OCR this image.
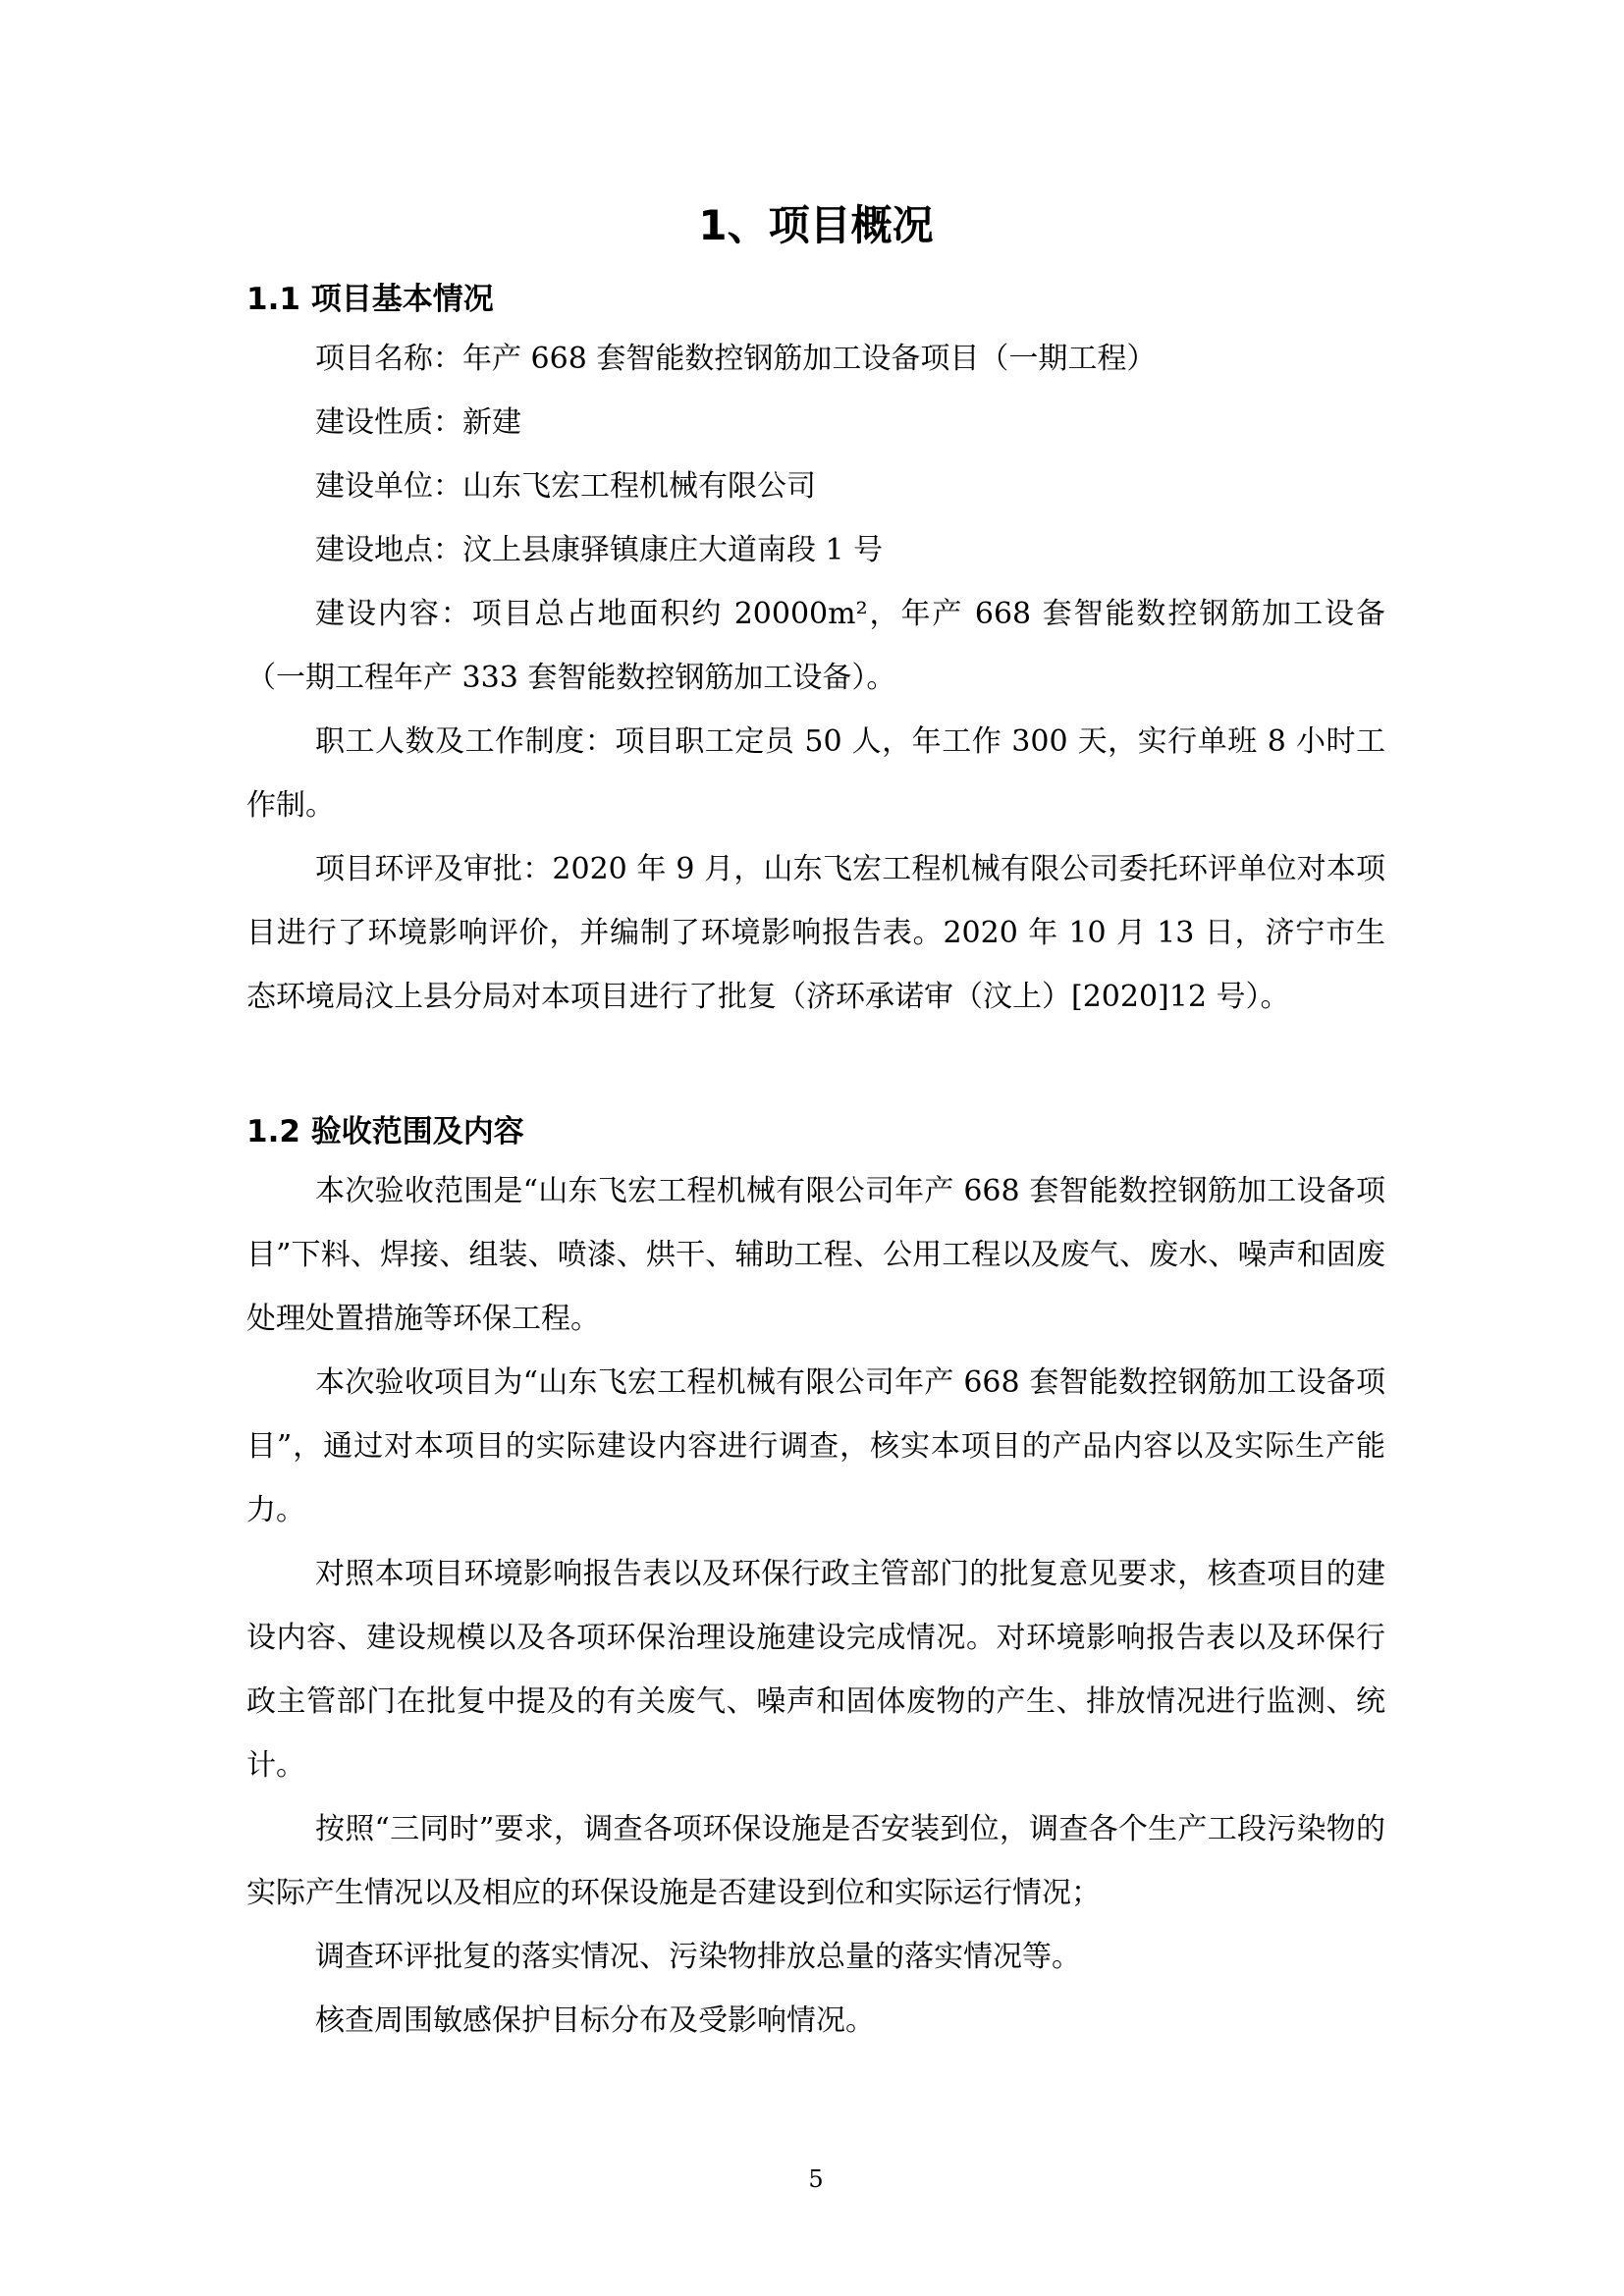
1、项目概况
1.1 项目基本情况

项目名称：年产 668 套智能数控钢筋加工设备项目（一期工程）

建设性质：新建

建设单位：山东飞宏工程机械有限公司

建设地点：汶上县康驿镇康庄大道南段 1 号

建设内容：项目总占地面积约 20000m²，年产 668 套智能数控钢筋加工设备（一期工程年产 333 套智能数控钢筋加工设备）。

职工人数及工作制度：项目职工定员 50 人，年工作 300 天，实行单班 8 小时工作制。

项目环评及审批：2020 年 9 月，山东飞宏工程机械有限公司委托环评单位对本项目进行了环境影响评价，并编制了环境影响报告表。2020 年 10 月 13 日，济宁市生态环境局汶上县分局对本项目进行了批复（济环承诺审（汶上）[2020]12 号）。

1.2 验收范围及内容

本次验收范围是“山东飞宏工程机械有限公司年产 668 套智能数控钢筋加工设备项目”下料、焊接、组装、喷漆、烘干、辅助工程、公用工程以及废气、废水、噪声和固废处理处置措施等环保工程。

本次验收项目为“山东飞宏工程机械有限公司年产 668 套智能数控钢筋加工设备项目”，通过对本项目的实际建设内容进行调查，核实本项目的产品内容以及实际生产能力。

对照本项目环境影响报告表以及环保行政主管部门的批复意见要求，核查项目的建设内容、建设规模以及各项环保治理设施建设完成情况。对环境影响报告表以及环保行政主管部门在批复中提及的有关废气、噪声和固体废物的产生、排放情况进行监测、统计。

按照“三同时”要求，调查各项环保设施是否安装到位，调查各个生产工段污染物的实际产生情况以及相应的环保设施是否建设到位和实际运行情况；

调查环评批复的落实情况、污染物排放总量的落实情况等。

核查周围敏感保护目标分布及受影响情况。

5
